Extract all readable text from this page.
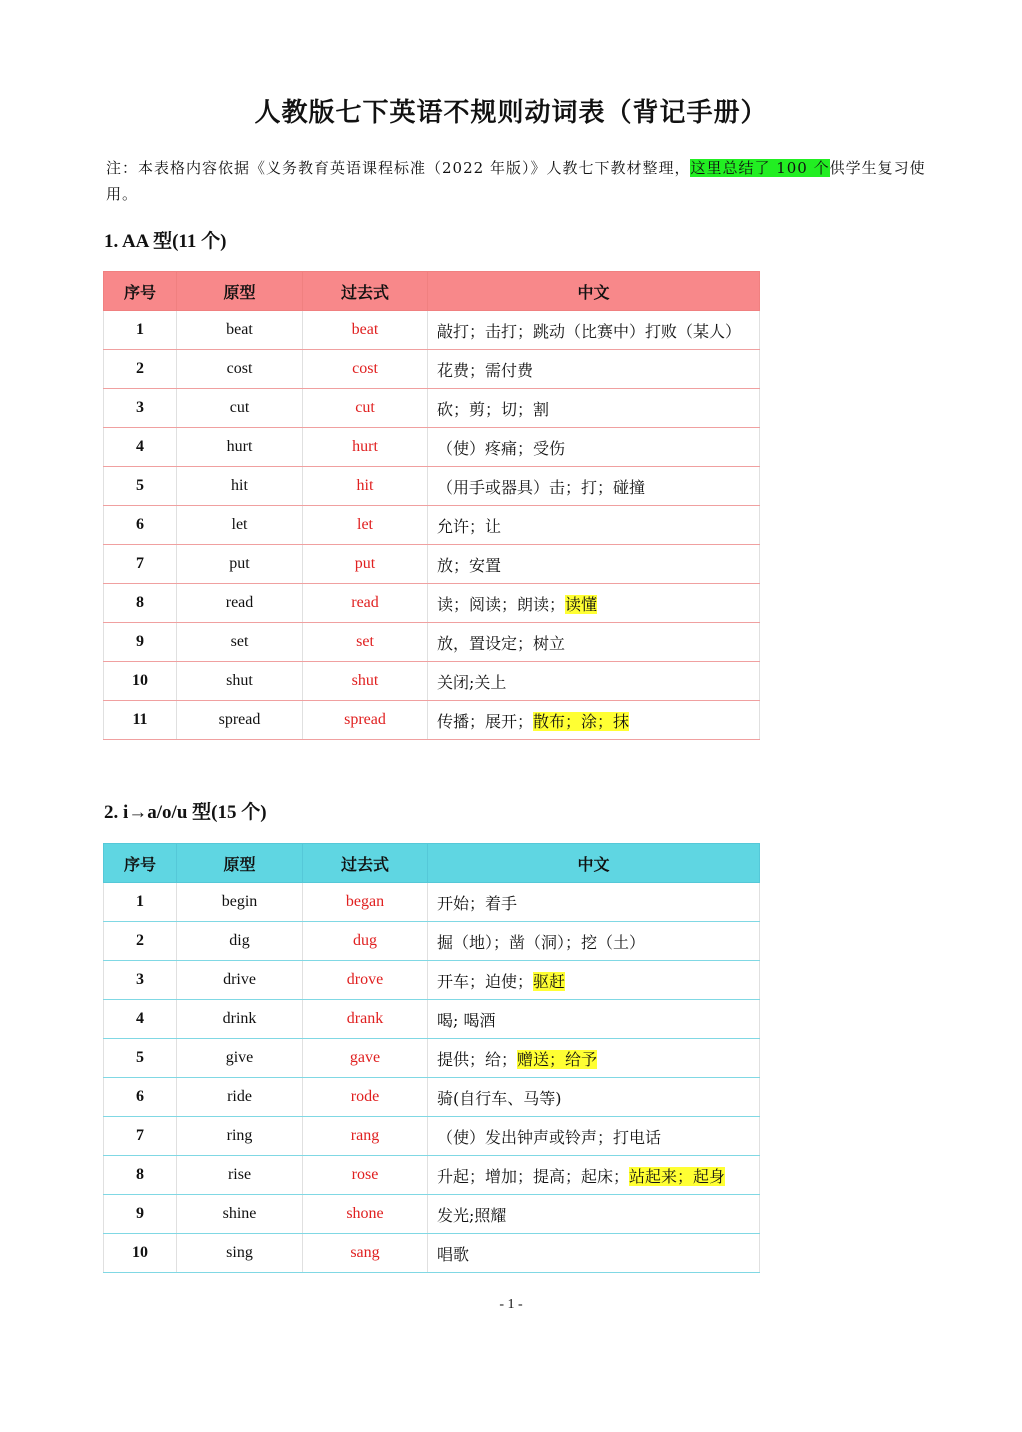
人教版七下英语不规则动词表（背记手册）
注：本表格内容依据《义务教育英语课程标准（2022 年版）》人教七下教材整理，这里总结了 100 个供学生复习使用。
1. AA 型(11 个)
序号	原型	过去式	中文
1	beat	beat	敲打；击打；跳动（比赛中）打败（某人）
2	cost	cost	花费；需付费
3	cut	cut	砍；剪；切；割
4	hurt	hurt	（使）疼痛；受伤
5	hit	hit	（用手或器具）击；打；碰撞
6	let	let	允许；让
7	put	put	放；安置
8	read	read	读；阅读；朗读；读懂
9	set	set	放，置设定；树立
10	shut	shut	关闭;关上
11	spread	spread	传播；展开；散布；涂；抹
2. i→a/o/u 型(15 个)
序号	原型	过去式	中文
1	begin	began	开始；着手
2	dig	dug	掘（地）；凿（洞）；挖（土）
3	drive	drove	开车；迫使；驱赶
4	drink	drank	喝; 喝酒
5	give	gave	提供；给；赠送；给予
6	ride	rode	骑(自行车、马等)
7	ring	rang	（使）发出钟声或铃声；打电话
8	rise	rose	升起；增加；提高；起床；站起来；起身
9	shine	shone	发光;照耀
10	sing	sang	唱歌
- 1 -
